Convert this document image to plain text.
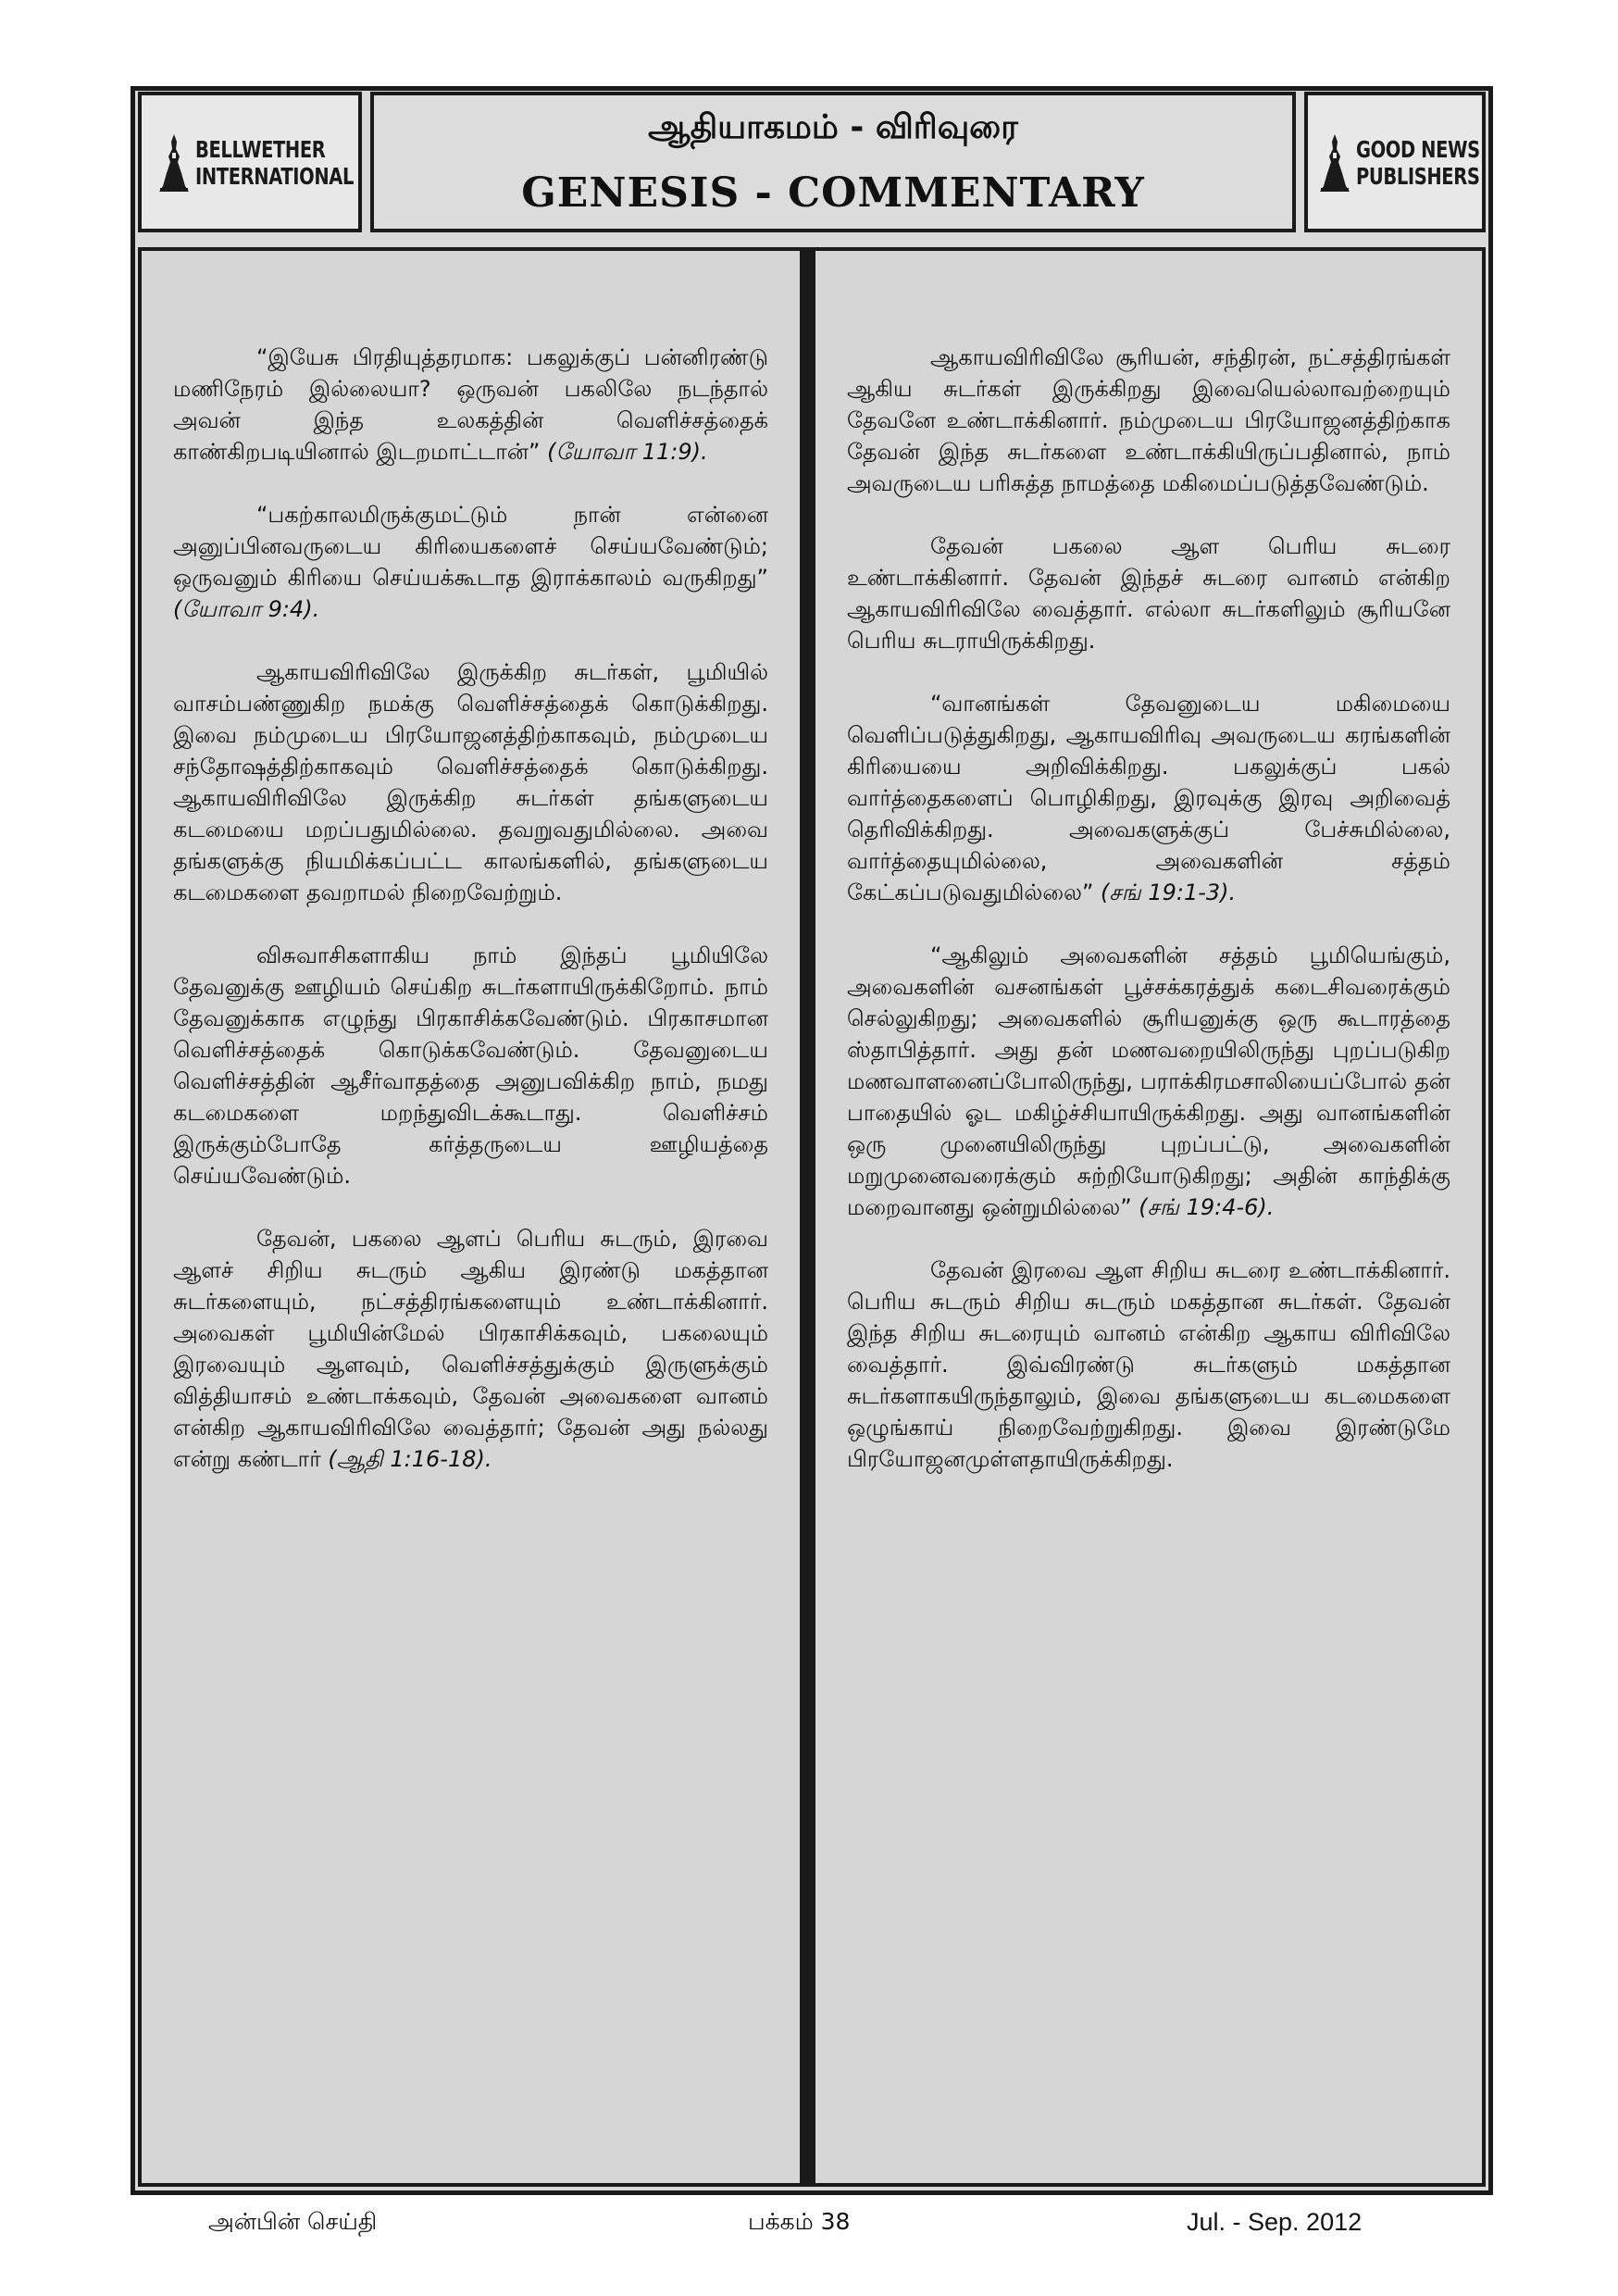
BELLWETHER
INTERNATIONAL
ஆதியாகமம் - விரிவுரை
GENESIS - COMMENTARY
GOOD NEWS
PUBLISHERS

“இயேசு பிரதியுத்தரமாக: பகலுக்குப் பன்னிரண்டு மணிநேரம் இல்லையா? ஒருவன் பகலிலே நடந்தால் அவன் இந்த உலகத்தின் வெளிச்சத்தைக் காண்கிறபடியினால் இடறமாட்டான்” (யோவா 11:9).

“பகற்காலமிருக்குமட்டும் நான் என்னை அனுப்பினவருடைய கிரியைகளைச் செய்யவேண்டும்; ஒருவனும் கிரியை செய்யக்கூடாத இராக்காலம் வருகிறது” (யோவா 9:4).

ஆகாயவிரிவிலே இருக்கிற சுடர்கள், பூமியில் வாசம்பண்ணுகிற நமக்கு வெளிச்சத்தைக் கொடுக்கிறது. இவை நம்முடைய பிரயோஜனத்திற்காகவும், நம்முடைய சந்தோஷத்திற்காகவும் வெளிச்சத்தைக் கொடுக்கிறது. ஆகாயவிரிவிலே இருக்கிற சுடர்கள் தங்களுடைய கடமையை மறப்பதுமில்லை. தவறுவதுமில்லை. அவை தங்களுக்கு நியமிக்கப்பட்ட காலங்களில், தங்களுடைய கடமைகளை தவறாமல் நிறைவேற்றும்.

விசுவாசிகளாகிய நாம் இந்தப் பூமியிலே தேவனுக்கு ஊழியம் செய்கிற சுடர்களாயிருக்கிறோம். நாம் தேவனுக்காக எழுந்து பிரகாசிக்கவேண்டும். பிரகாசமான வெளிச்சத்தைக் கொடுக்கவேண்டும். தேவனுடைய வெளிச்சத்தின் ஆசீர்வாதத்தை அனுபவிக்கிற நாம், நமது கடமைகளை மறந்துவிடக்கூடாது. வெளிச்சம் இருக்கும்போதே கர்த்தருடைய ஊழியத்தை செய்யவேண்டும்.

தேவன், பகலை ஆளப் பெரிய சுடரும், இரவை ஆளச் சிறிய சுடரும் ஆகிய இரண்டு மகத்தான சுடர்களையும், நட்சத்திரங்களையும் உண்டாக்கினார். அவைகள் பூமியின்மேல் பிரகாசிக்கவும், பகலையும் இரவையும் ஆளவும், வெளிச்சத்துக்கும் இருளுக்கும் வித்தியாசம் உண்டாக்கவும், தேவன் அவைகளை வானம் என்கிற ஆகாயவிரிவிலே வைத்தார்; தேவன் அது நல்லது என்று கண்டார் (ஆதி 1:16-18).

ஆகாயவிரிவிலே சூரியன், சந்திரன், நட்சத்திரங்கள் ஆகிய சுடர்கள் இருக்கிறது இவையெல்லாவற்றையும் தேவனே உண்டாக்கினார். நம்முடைய பிரயோஜனத்திற்காக தேவன் இந்த சுடர்களை உண்டாக்கியிருப்பதினால், நாம் அவருடைய பரிசுத்த நாமத்தை மகிமைப்படுத்தவேண்டும்.

தேவன் பகலை ஆள பெரிய சுடரை உண்டாக்கினார். தேவன் இந்தச் சுடரை வானம் என்கிற ஆகாயவிரிவிலே வைத்தார். எல்லா சுடர்களிலும் சூரியனே பெரிய சுடராயிருக்கிறது.

“வானங்கள் தேவனுடைய மகிமையை வெளிப்படுத்துகிறது, ஆகாயவிரிவு அவருடைய கரங்களின் கிரியையை அறிவிக்கிறது. பகலுக்குப் பகல் வார்த்தைகளைப் பொழிகிறது, இரவுக்கு இரவு அறிவைத் தெரிவிக்கிறது. அவைகளுக்குப் பேச்சுமில்லை, வார்த்தையுமில்லை, அவைகளின் சத்தம் கேட்கப்படுவதுமில்லை” (சங் 19:1-3).

“ஆகிலும் அவைகளின் சத்தம் பூமியெங்கும், அவைகளின் வசனங்கள் பூச்சக்கரத்துக் கடைசிவரைக்கும் செல்லுகிறது; அவைகளில் சூரியனுக்கு ஒரு கூடாரத்தை ஸ்தாபித்தார். அது தன் மணவறையிலிருந்து புறப்படுகிற மணவாளனைப்போலிருந்து, பராக்கிரமசாலியைப்போல் தன் பாதையில் ஓட மகிழ்ச்சியாயிருக்கிறது. அது வானங்களின் ஒரு முனையிலிருந்து புறப்பட்டு, அவைகளின் மறுமுனைவரைக்கும் சுற்றியோடுகிறது; அதின் காந்திக்கு மறைவானது ஒன்றுமில்லை” (சங் 19:4-6).

தேவன் இரவை ஆள சிறிய சுடரை உண்டாக்கினார். பெரிய சுடரும் சிறிய சுடரும் மகத்தான சுடர்கள். தேவன் இந்த சிறிய சுடரையும் வானம் என்கிற ஆகாய விரிவிலே வைத்தார். இவ்விரண்டு சுடர்களும் மகத்தான சுடர்களாகயிருந்தாலும், இவை தங்களுடைய கடமைகளை ஒழுங்காய் நிறைவேற்றுகிறது. இவை இரண்டுமே பிரயோஜனமுள்ளதாயிருக்கிறது.

அன்பின் செய்தி	பக்கம் 38	Jul. - Sep. 2012
